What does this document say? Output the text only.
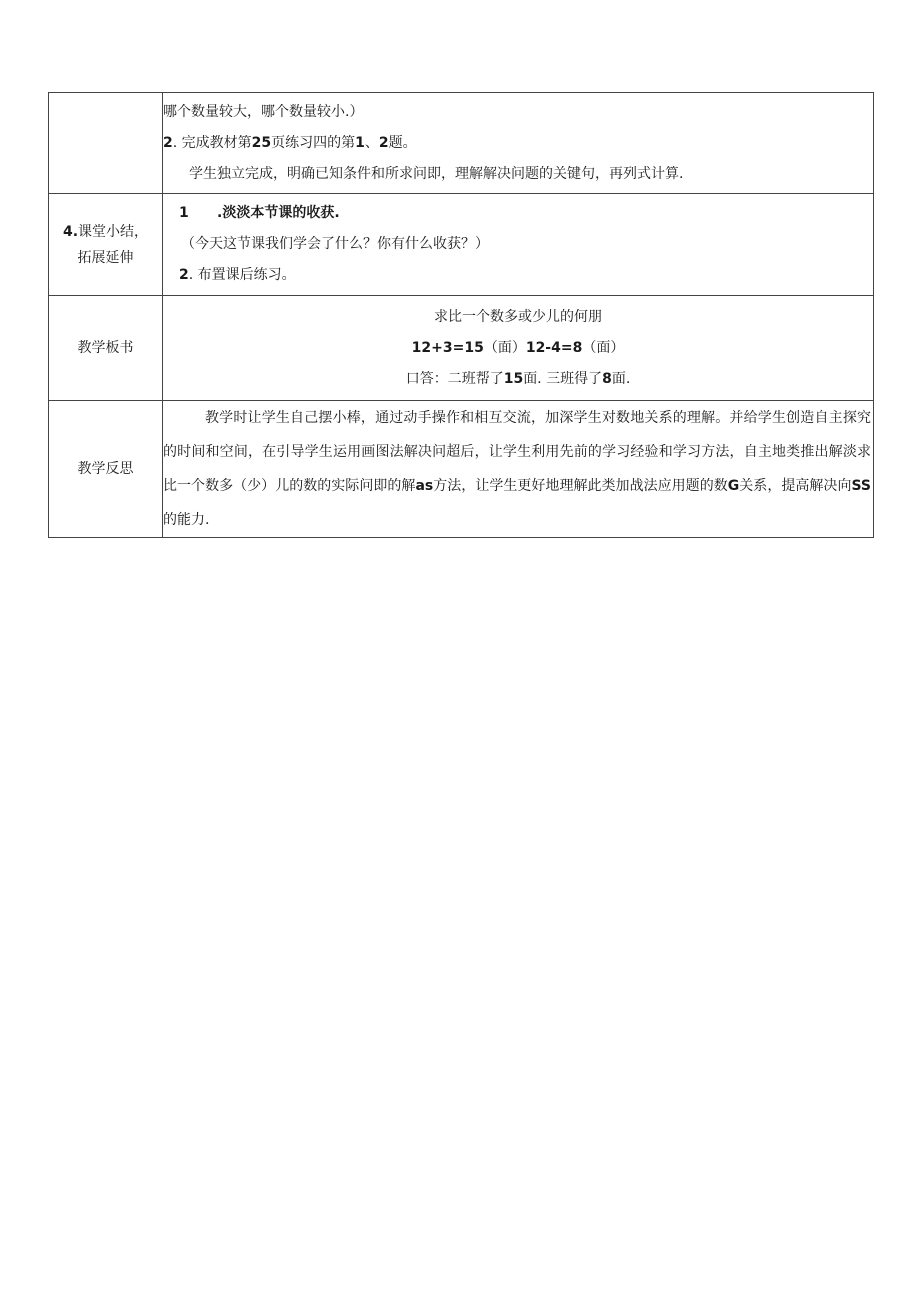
	哪个数量较大，哪个数量较小.）
2. 完成教材第25页练习四的第1、2题。
学生独立完成，明确已知条件和所求问即，理解解决问题的关键句，再列式计算.

4.课堂小结，拓展延伸	1 .淡淡本节课的收获.
（今天这节课我们学会了什么？你有什么收获？）
2. 布置课后练习。

教学板书	求比一个数多或少儿的何朋
12+3=15（面）12-4=8（面）
口答：二班帮了15面. 三班得了8面.

教学反思	教学时让学生自己摆小棒，通过动手操作和相互交流，加深学生对数地关系的理解。并给学生创造自主探究的时间和空间，在引导学生运用画图法解决问超后，让学生利用先前的学习经验和学习方法，自主地类推出解淡求比一个数多（少）儿的数的实际问即的解as方法，让学生更好地理解此类加战法应用题的数G关系，提高解决向SS的能力.
